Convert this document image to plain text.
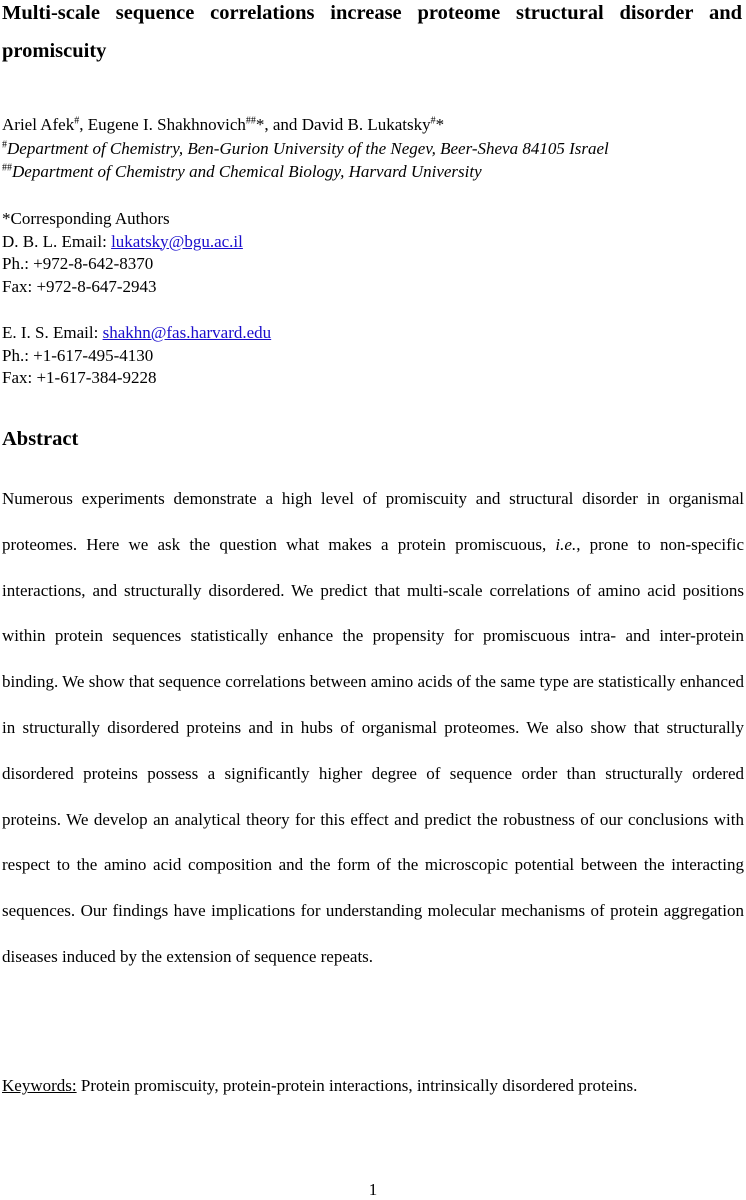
Multi-scale sequence correlations increase proteome structural disorder and promiscuity
Ariel Afek#, Eugene I. Shakhnovich##*, and David B. Lukatsky#*
#Department of Chemistry, Ben-Gurion University of the Negev, Beer-Sheva 84105 Israel
##Department of Chemistry and Chemical Biology, Harvard University
*Corresponding Authors
D. B. L. Email: lukatsky@bgu.ac.il
Ph.: +972-8-642-8370
Fax: +972-8-647-2943
E. I. S. Email: shakhn@fas.harvard.edu
Ph.: +1-617-495-4130
Fax: +1-617-384-9228
Abstract
Numerous experiments demonstrate a high level of promiscuity and structural disorder in organismal proteomes. Here we ask the question what makes a protein promiscuous, i.e., prone to non-specific interactions, and structurally disordered. We predict that multi-scale correlations of amino acid positions within protein sequences statistically enhance the propensity for promiscuous intra- and inter-protein binding. We show that sequence correlations between amino acids of the same type are statistically enhanced in structurally disordered proteins and in hubs of organismal proteomes. We also show that structurally disordered proteins possess a significantly higher degree of sequence order than structurally ordered proteins. We develop an analytical theory for this effect and predict the robustness of our conclusions with respect to the amino acid composition and the form of the microscopic potential between the interacting sequences. Our findings have implications for understanding molecular mechanisms of protein aggregation diseases induced by the extension of sequence repeats.
Keywords: Protein promiscuity, protein-protein interactions, intrinsically disordered proteins.
1
